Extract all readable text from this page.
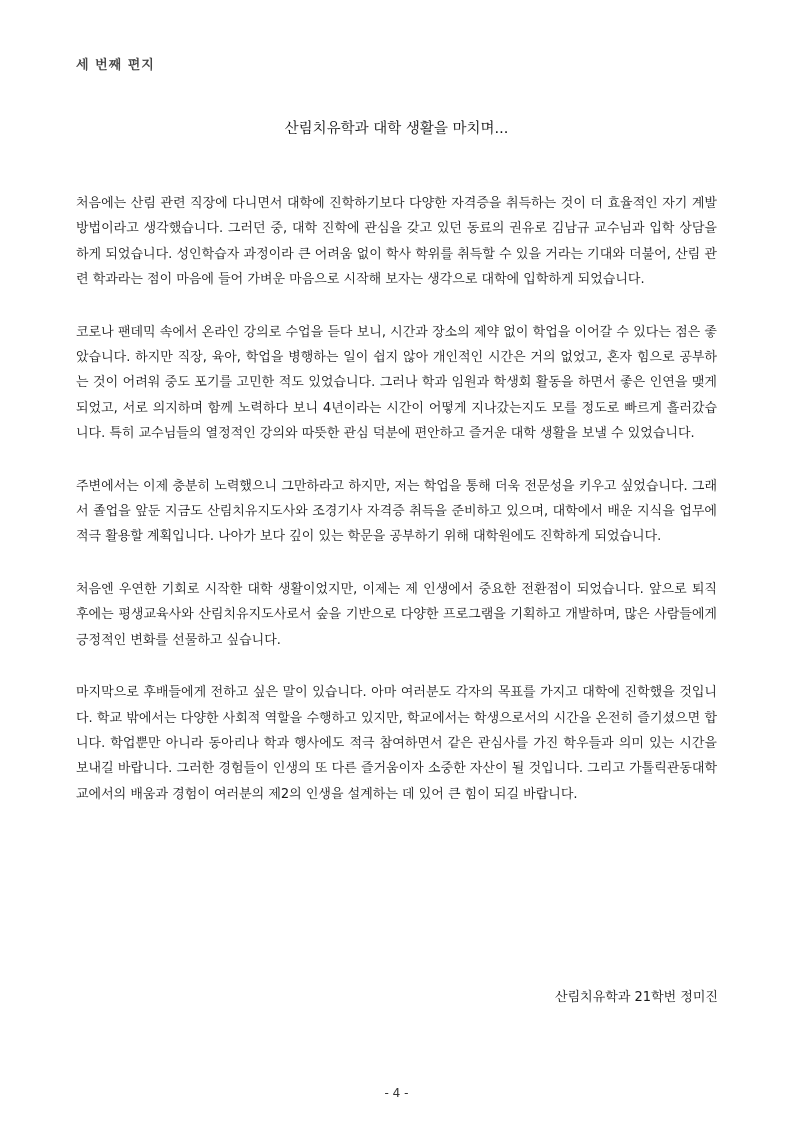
세 번째 편지
산림치유학과 대학 생활을 마치며...

처음에는 산림 관련 직장에 다니면서 대학에 진학하기보다 다양한 자격증을 취득하는 것이 더 효율적인 자기 계발 방법이라고 생각했습니다. 그러던 중, 대학 진학에 관심을 갖고 있던 동료의 권유로 김남규 교수님과 입학 상담을 하게 되었습니다. 성인학습자 과정이라 큰 어려움 없이 학사 학위를 취득할 수 있을 거라는 기대와 더불어, 산림 관련 학과라는 점이 마음에 들어 가벼운 마음으로 시작해 보자는 생각으로 대학에 입학하게 되었습니다.

코로나 팬데믹 속에서 온라인 강의로 수업을 듣다 보니, 시간과 장소의 제약 없이 학업을 이어갈 수 있다는 점은 좋았습니다. 하지만 직장, 육아, 학업을 병행하는 일이 쉽지 않아 개인적인 시간은 거의 없었고, 혼자 힘으로 공부하는 것이 어려워 중도 포기를 고민한 적도 있었습니다. 그러나 학과 임원과 학생회 활동을 하면서 좋은 인연을 맺게 되었고, 서로 의지하며 함께 노력하다 보니 4년이라는 시간이 어떻게 지나갔는지도 모를 정도로 빠르게 흘러갔습니다. 특히 교수님들의 열정적인 강의와 따뜻한 관심 덕분에 편안하고 즐거운 대학 생활을 보낼 수 있었습니다.

주변에서는 이제 충분히 노력했으니 그만하라고 하지만, 저는 학업을 통해 더욱 전문성을 키우고 싶었습니다. 그래서 졸업을 앞둔 지금도 산림치유지도사와 조경기사 자격증 취득을 준비하고 있으며, 대학에서 배운 지식을 업무에 적극 활용할 계획입니다. 나아가 보다 깊이 있는 학문을 공부하기 위해 대학원에도 진학하게 되었습니다.

처음엔 우연한 기회로 시작한 대학 생활이었지만, 이제는 제 인생에서 중요한 전환점이 되었습니다. 앞으로 퇴직 후에는 평생교육사와 산림치유지도사로서 숲을 기반으로 다양한 프로그램을 기획하고 개발하며, 많은 사람들에게 긍정적인 변화를 선물하고 싶습니다.

마지막으로 후배들에게 전하고 싶은 말이 있습니다. 아마 여러분도 각자의 목표를 가지고 대학에 진학했을 것입니다. 학교 밖에서는 다양한 사회적 역할을 수행하고 있지만, 학교에서는 학생으로서의 시간을 온전히 즐기셨으면 합니다. 학업뿐만 아니라 동아리나 학과 행사에도 적극 참여하면서 같은 관심사를 가진 학우들과 의미 있는 시간을 보내길 바랍니다. 그러한 경험들이 인생의 또 다른 즐거움이자 소중한 자산이 될 것입니다. 그리고 가톨릭관동대학교에서의 배움과 경험이 여러분의 제2의 인생을 설계하는 데 있어 큰 힘이 되길 바랍니다.

산림치유학과 21학번 정미진
- 4 -
